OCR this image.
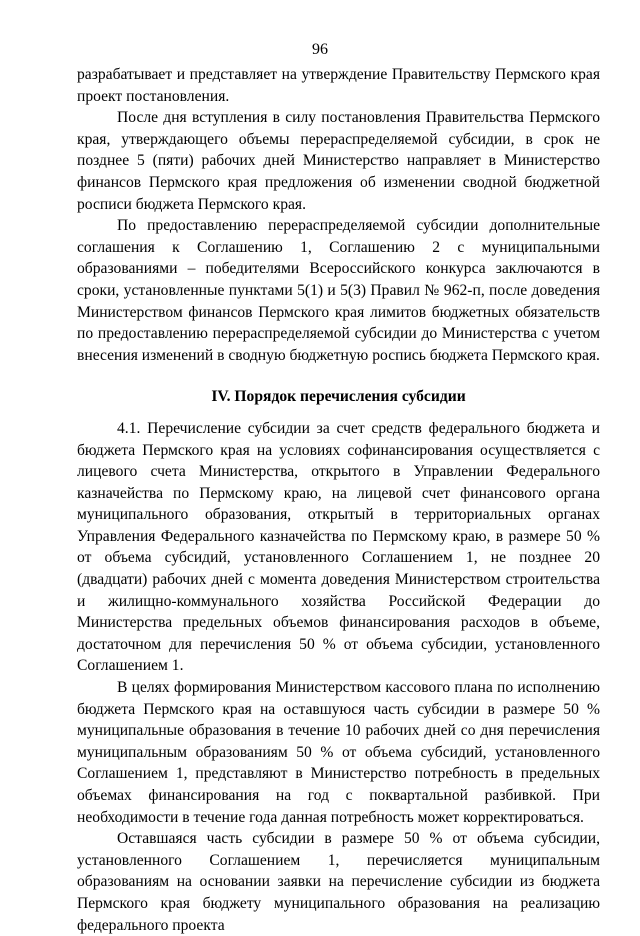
96

разрабатывает и представляет на утверждение Правительству Пермского края проект постановления.

После дня вступления в силу постановления Правительства Пермского края, утверждающего объемы перераспределяемой субсидии, в срок не позднее 5 (пяти) рабочих дней Министерство направляет в Министерство финансов Пермского края предложения об изменении сводной бюджетной росписи бюджета Пермского края.

По предоставлению перераспределяемой субсидии дополнительные соглашения к Соглашению 1, Соглашению 2 с муниципальными образованиями – победителями Всероссийского конкурса заключаются в сроки, установленные пунктами 5(1) и 5(3) Правил № 962-п, после доведения Министерством финансов Пермского края лимитов бюджетных обязательств по предоставлению перераспределяемой субсидии до Министерства с учетом внесения изменений в сводную бюджетную роспись бюджета Пермского края.

IV. Порядок перечисления субсидии

4.1. Перечисление субсидии за счет средств федерального бюджета и бюджета Пермского края на условиях софинансирования осуществляется с лицевого счета Министерства, открытого в Управлении Федерального казначейства по Пермскому краю, на лицевой счет финансового органа муниципального образования, открытый в территориальных органах Управления Федерального казначейства по Пермскому краю, в размере 50 % от объема субсидий, установленного Соглашением 1, не позднее 20 (двадцати) рабочих дней с момента доведения Министерством строительства и жилищно-коммунального хозяйства Российской Федерации до Министерства предельных объемов финансирования расходов в объеме, достаточном для перечисления 50 % от объема субсидии, установленного Соглашением 1.

В целях формирования Министерством кассового плана по исполнению бюджета Пермского края на оставшуюся часть субсидии в размере 50 % муниципальные образования в течение 10 рабочих дней со дня перечисления муниципальным образованиям 50 % от объема субсидий, установленного Соглашением 1, представляют в Министерство потребность в предельных объемах финансирования на год с поквартальной разбивкой. При необходимости в течение года данная потребность может корректироваться.

Оставшаяся часть субсидии в размере 50 % от объема субсидии, установленного Соглашением 1, перечисляется муниципальным образованиям на основании заявки на перечисление субсидии из бюджета Пермского края бюджету муниципального образования на реализацию федерального проекта
